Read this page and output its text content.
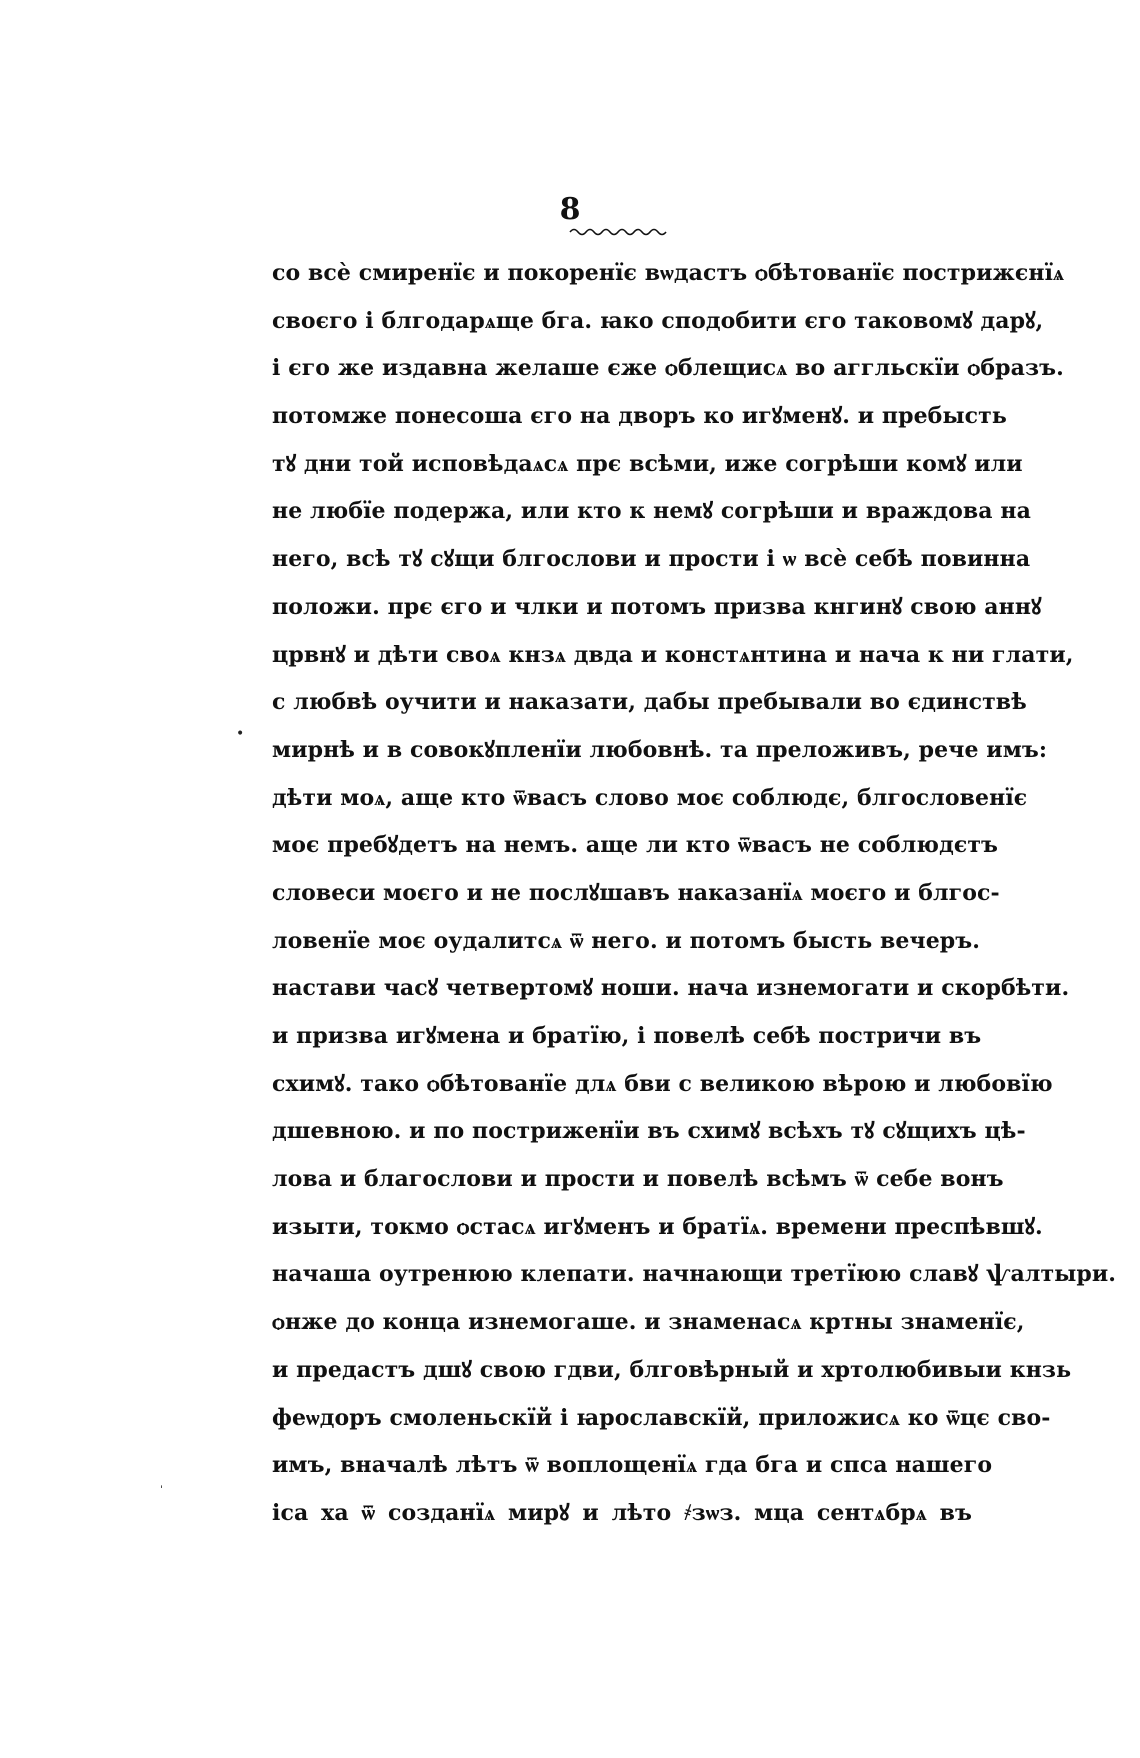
8
со всѐ смиренїє и покоренїє вѡдастъ ѻбѣтованїє пострижєнїѧ
своєго і блгодарѧще бга. ꙗко сподобити єго таковомꙋ дарꙋ,
і єго же издавна желаше єже ѻблещисѧ во аггльскїи ѻбразъ.
потомже понесоша єго на дворъ ко игꙋменꙋ. и пребысть
тꙋ дни той исповѣдаѧсѧ прє всѣми, иже согрѣши комꙋ или
не любїе подержа, или кто к немꙋ согрѣши и враждова на
него, всѣ тꙋ сꙋщи блгослови и прости і ѡ всѐ себѣ повинна
положи. прє єго и члки и потомъ призва кнгинꙋ свою аннꙋ
црвнꙋ и дѣти своѧ кнзѧ двда и констѧнтина и нача к ни глати,
с любвѣ оучити и наказати, дабы пребывали во єдинствѣ
мирнѣ и в совокꙋпленїи любовнѣ. та преложивъ, рече имъ:
дѣти моѧ, аще кто ѿвасъ слово моє соблюдє, блгословенїє
моє пребꙋдетъ на немъ. аще ли кто ѿвасъ не соблюдєтъ
словеси моєго и не послꙋшавъ наказанїѧ моєго и блгос-
ловенїе моє оудалитсѧ ѿ него. и потомъ бысть вечеръ.
настави часꙋ четвертомꙋ ноши. нача изнемогати и скорбѣти.
и призва игꙋмена и братїю, і повелѣ себѣ постричи въ
схимꙋ. тако ѻбѣтованїе длѧ бви с великою вѣрою и любовїю
дшевною. и по постриженїи въ схимꙋ всѣхъ тꙋ сꙋщихъ цѣ-
лова и благослови и прости и повелѣ всѣмъ ѿ себе вонъ
изыти, токмо ѻстасѧ игꙋменъ и братїѧ. времени преспѣвшꙋ.
начаша оутренюю клепати. начнающи третїюю славꙋ ѱалтыри.
ѻнже до конца изнемогаше. и знаменасѧ кртны знаменїє,
и предастъ дшꙋ свою гдви, блговѣрный и хртолюбивыи кнзь
феѡдоръ смоленьскїй і ꙗрославскїй, приложисѧ ко ѿцє сво-
имъ, вначалѣ лѣтъ ѿ воплощенїѧ гда бга и спса нашего
іса ха ѿ созданїѧ мирꙋ и лѣто ҂зѡз. мца сентѧбрѧ въ
•
ˈ
